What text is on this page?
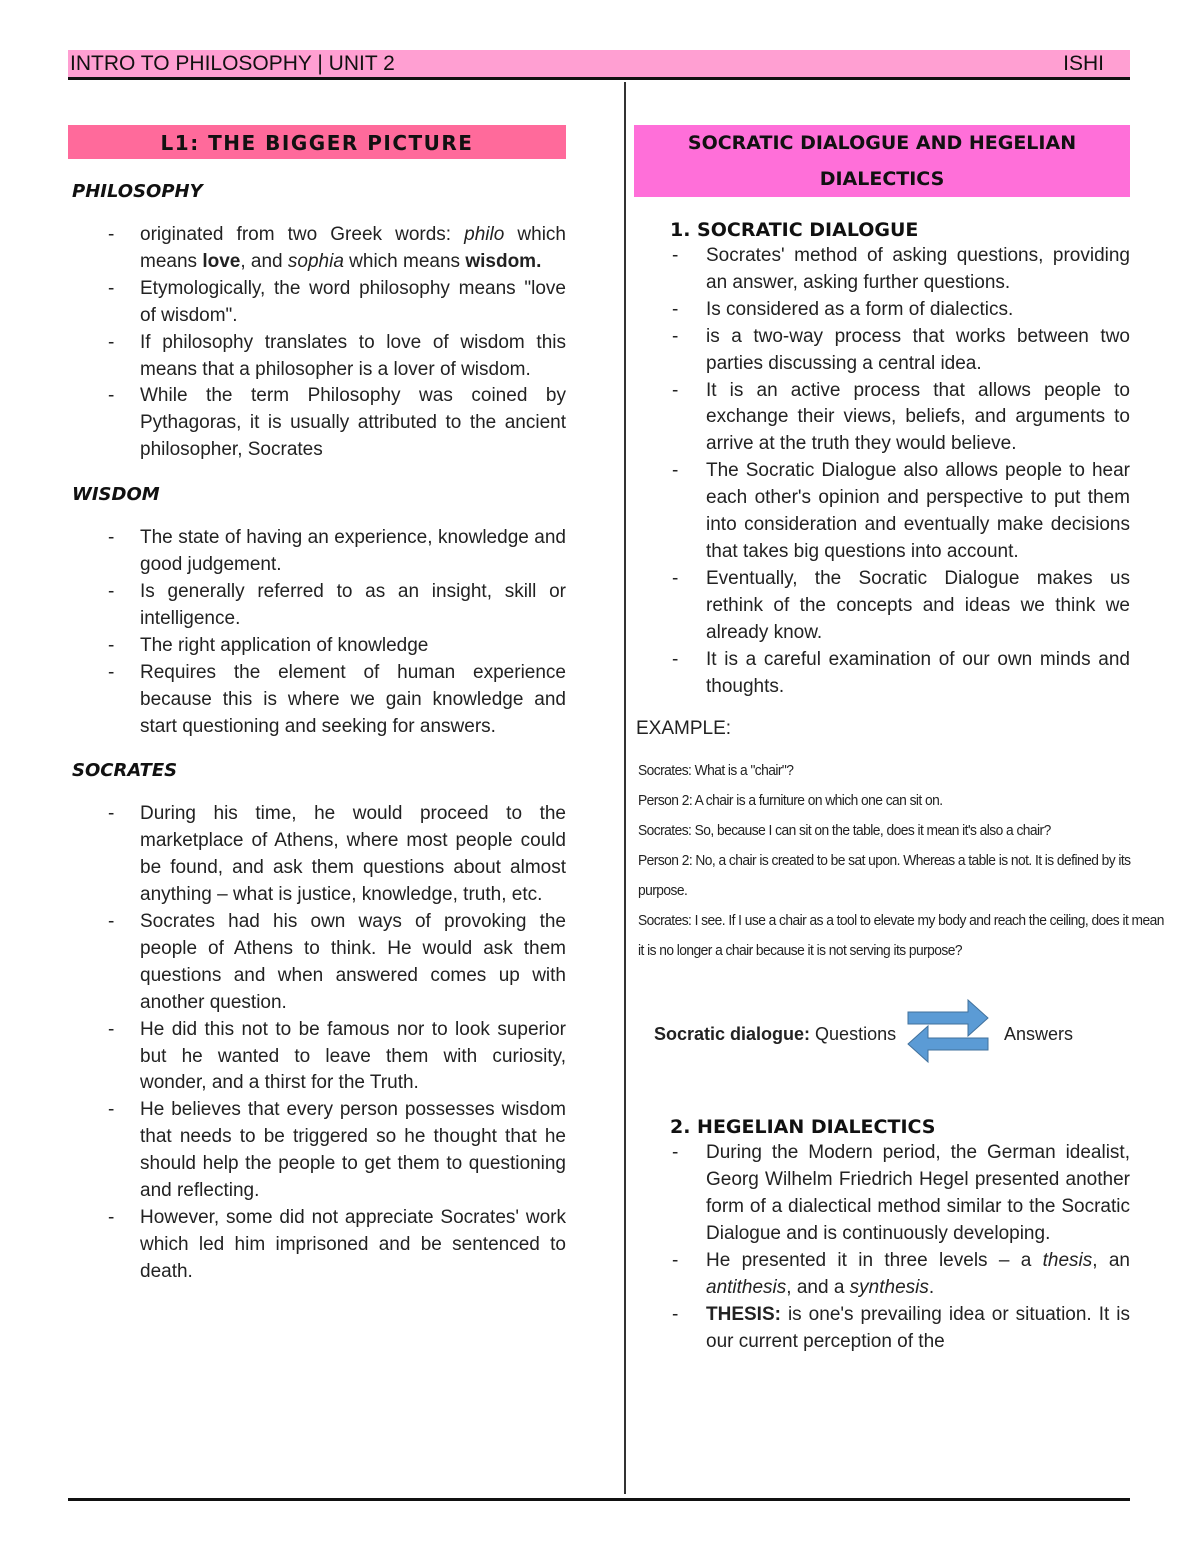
INTRO TO PHILOSOPHY | UNIT 2	ISHI
L1: THE BIGGER PICTURE
PHILOSOPHY
- originated from two Greek words: philo which means love, and sophia which means wisdom.
- Etymologically, the word philosophy means "love of wisdom".
- If philosophy translates to love of wisdom this means that a philosopher is a lover of wisdom.
- While the term Philosophy was coined by Pythagoras, it is usually attributed to the ancient philosopher, Socrates
WISDOM
- The state of having an experience, knowledge and good judgement.
- Is generally referred to as an insight, skill or intelligence.
- The right application of knowledge
- Requires the element of human experience because this is where we gain knowledge and start questioning and seeking for answers.
SOCRATES
- During his time, he would proceed to the marketplace of Athens, where most people could be found, and ask them questions about almost anything – what is justice, knowledge, truth, etc.
- Socrates had his own ways of provoking the people of Athens to think. He would ask them questions and when answered comes up with another question.
- He did this not to be famous nor to look superior but he wanted to leave them with curiosity, wonder, and a thirst for the Truth.
- He believes that every person possesses wisdom that needs to be triggered so he thought that he should help the people to get them to questioning and reflecting.
- However, some did not appreciate Socrates' work which led him imprisoned and be sentenced to death.
SOCRATIC DIALOGUE AND HEGELIAN
DIALECTICS
1. SOCRATIC DIALOGUE
- Socrates' method of asking questions, providing an answer, asking further questions.
- Is considered as a form of dialectics.
- is a two-way process that works between two parties discussing a central idea.
- It is an active process that allows people to exchange their views, beliefs, and arguments to arrive at the truth they would believe.
- The Socratic Dialogue also allows people to hear each other's opinion and perspective to put them into consideration and eventually make decisions that takes big questions into account.
- Eventually, the Socratic Dialogue makes us rethink of the concepts and ideas we think we already know.
- It is a careful examination of our own minds and thoughts.
EXAMPLE:

Socrates: What is a "chair"?

Person 2: A chair is a furniture on which one can sit on.

Socrates: So, because I can sit on the table, does it mean it's also a chair?

Person 2: No, a chair is created to be sat upon. Whereas a table is not. It is defined by its

purpose.

Socrates: I see. If I use a chair as a tool to elevate my body and reach the ceiling, does it mean

it is no longer a chair because it is not serving its purpose?

Socratic dialogue: Questions	Answers
2. HEGELIAN DIALECTICS
- During the Modern period, the German idealist, Georg Wilhelm Friedrich Hegel presented another form of a dialectical method similar to the Socratic Dialogue and is continuously developing.
- He presented it in three levels – a thesis, an antithesis, and a synthesis.
- THESIS: is one's prevailing idea or situation. It is our current perception of the
